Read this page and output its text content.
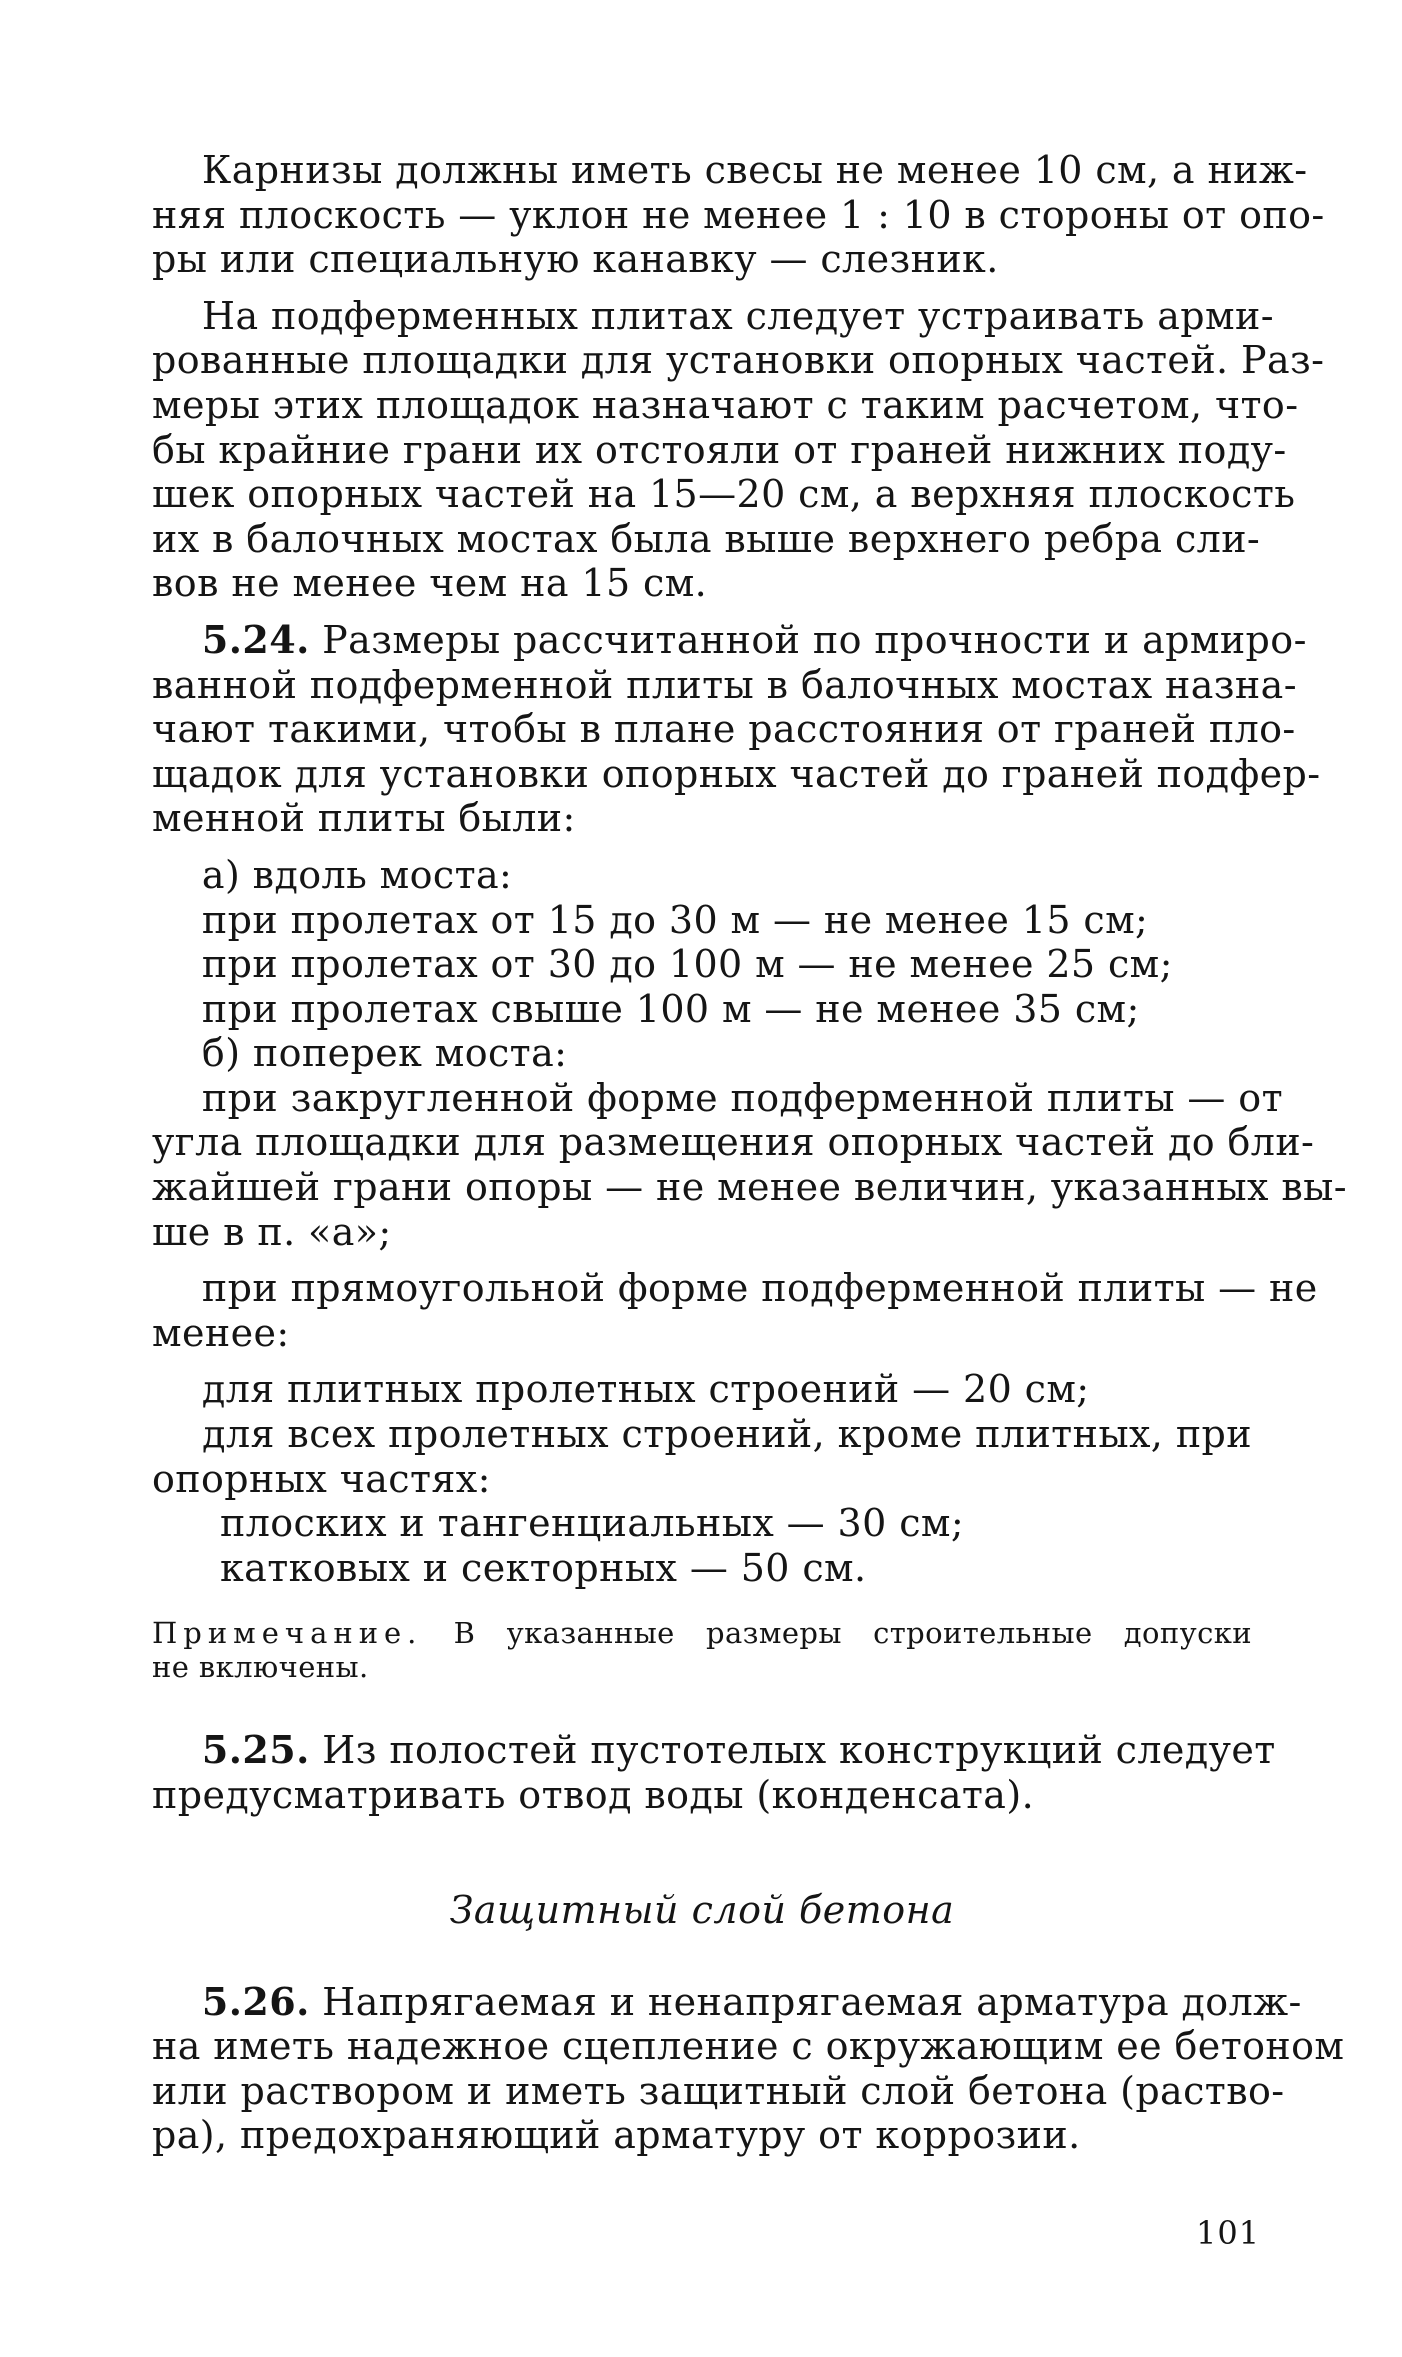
Карнизы должны иметь свесы не менее 10 см, а ниж-
няя плоскость — уклон не менее 1 : 10 в стороны от опо-
ры или специальную канавку — слезник.
На подферменных плитах следует устраивать арми-
рованные площадки для установки опорных частей. Раз-
меры этих площадок назначают с таким расчетом, что-
бы крайние грани их отстояли от граней нижних поду-
шек опорных частей на 15—20 см, а верхняя плоскость
их в балочных мостах была выше верхнего ребра сли-
вов не менее чем на 15 см.
5.24. Размеры рассчитанной по прочности и армиро-
ванной подферменной плиты в балочных мостах назна-
чают такими, чтобы в плане расстояния от граней пло-
щадок для установки опорных частей до граней подфер-
менной плиты были:
а) вдоль моста:
при пролетах от 15 до 30 м — не менее 15 см;
при пролетах от 30 до 100 м — не менее 25 см;
при пролетах свыше 100 м — не менее 35 см;
б) поперек моста:
при закругленной форме подферменной плиты — от
угла площадки для размещения опорных частей до бли-
жайшей грани опоры — не менее величин, указанных вы-
ше в п. «а»;
при прямоугольной форме подферменной плиты — не
менее:
для плитных пролетных строений — 20 см;
для всех пролетных строений, кроме плитных, при
опорных частях:
плоских и тангенциальных — 30 см;
катковых и секторных — 50 см.
Примечание. В указанные размеры строительные допуски
не включены.
5.25. Из полостей пустотелых конструкций следует
предусматривать отвод воды (конденсата).
Защитный слой бетона
5.26. Напрягаемая и ненапрягаемая арматура долж-
на иметь надежное сцепление с окружающим ее бетоном
или раствором и иметь защитный слой бетона (раство-
ра), предохраняющий арматуру от коррозии.
101
